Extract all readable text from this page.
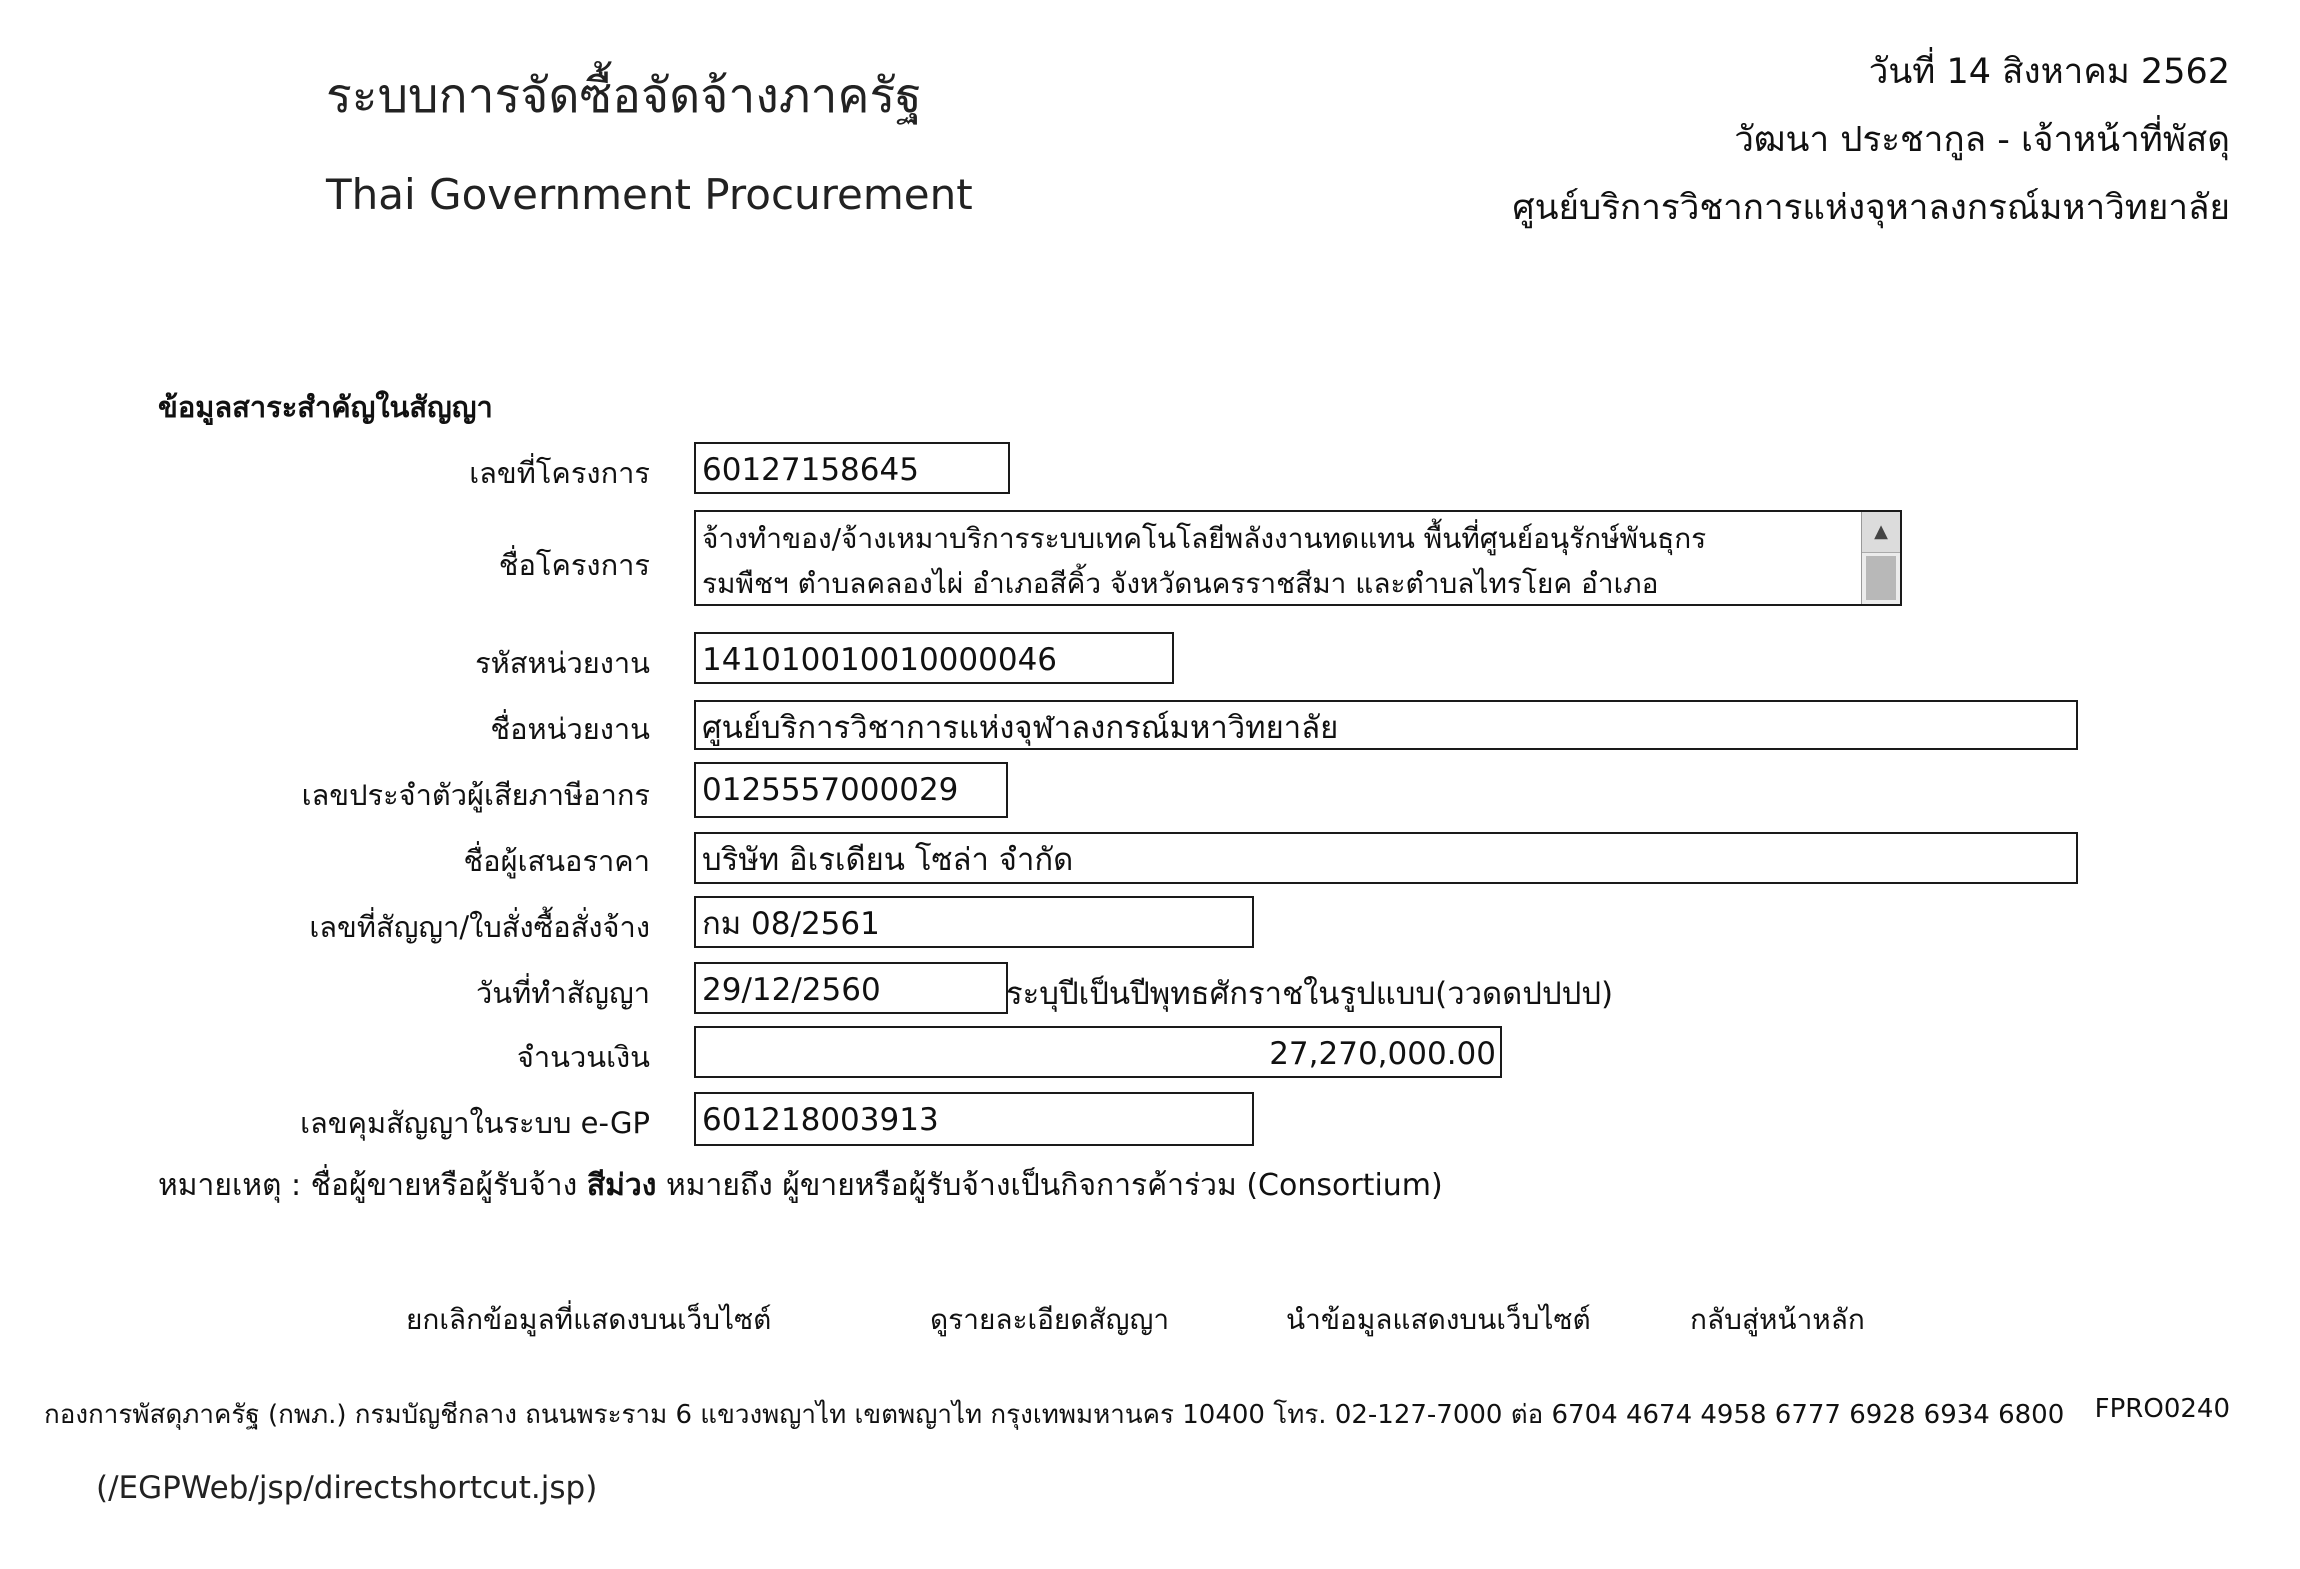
ระบบการจัดซื้อจัดจ้างภาครัฐ
Thai Government Procurement
วันที่ 14 สิงหาคม 2562
วัฒนา ประชากูล - เจ้าหน้าที่พัสดุ
ศูนย์บริการวิชาการแห่งจุหาลงกรณ์มหาวิทยาลัย
ข้อมูลสาระสำคัญในสัญญา
เลขที่โครงการ 60127158645
ชื่อโครงการ
จ้างทำของ/จ้างเหมาบริการระบบเทคโนโลยีพลังงานทดแทน พื้นที่ศูนย์อนุรักษ์พันธุกร
รมพืชฯ ตำบลคลองไผ่ อำเภอสีคิ้ว จังหวัดนครราชสีมา และตำบลไทรโยค อำเภอ
▲

รหัสหน่วยงาน 141010010010000046
ชื่อหน่วยงาน ศูนย์บริการวิชาการแห่งจุฬาลงกรณ์มหาวิทยาลัย
เลขประจำตัวผู้เสียภาษีอากร 0125557000029
ชื่อผู้เสนอราคา บริษัท อิเรเดียน โซล่า จำกัด
เลขที่สัญญา/ใบสั่งซื้อสั่งจ้าง กม 08/2561
วันที่ทำสัญญา 29/12/2560	ระบุปีเป็นปีพุทธศักราชในรูปแบบ(ววดดปปปป)
จำนวนเงิน	27,270,000.00
เลขคุมสัญญาในระบบ e-GP 601218003913
หมายเหตุ : ชื่อผู้ขายหรือผู้รับจ้าง สีม่วง หมายถึง ผู้ขายหรือผู้รับจ้างเป็นกิจการค้าร่วม (Consortium)
ยกเลิกข้อมูลที่แสดงบนเว็บไซต์	ดูรายละเอียดสัญญา	นำข้อมูลแสดงบนเว็บไซต์	กลับสู่หน้าหลัก
กองการพัสดุภาครัฐ (กพภ.) กรมบัญชีกลาง ถนนพระราม 6 แขวงพญาไท เขตพญาไท กรุงเทพมหานคร 10400 โทร. 02-127-7000 ต่อ 6704 4674 4958 6777 6928 6934 6800 FPRO0240
(/EGPWeb/jsp/directshortcut.jsp)
